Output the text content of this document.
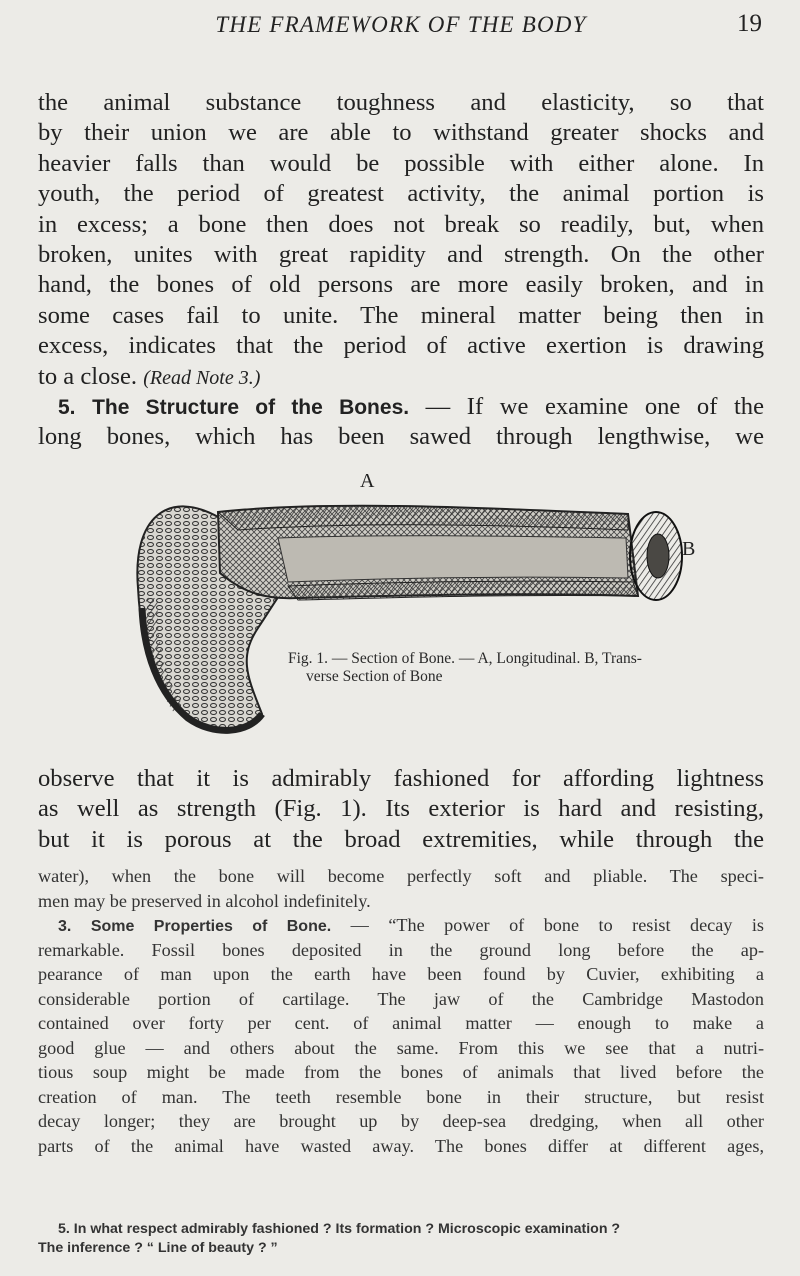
THE FRAMEWORK OF THE BODY	19
the animal substance toughness and elasticity, so that
by their union we are able to withstand greater shocks and
heavier falls than would be possible with either alone. In
youth, the period of greatest activity, the animal portion is
in excess; a bone then does not break so readily, but, when
broken, unites with great rapidity and strength. On the other
hand, the bones of old persons are more easily broken, and in
some cases fail to unite. The mineral matter being then in
excess, indicates that the period of active exertion is drawing
to a close. (Read Note 3.)
5. The Structure of the Bones. — If we examine one of the
long bones, which has been sawed through lengthwise, we
A
B
Fig. 1. — Section of Bone. — A, Longitudinal. B, Trans-
verse Section of Bone
observe that it is admirably fashioned for affording lightness
as well as strength (Fig. 1). Its exterior is hard and resisting,
but it is porous at the broad extremities, while through the
water), when the bone will become perfectly soft and pliable. The speci-
men may be preserved in alcohol indefinitely.
3. Some Properties of Bone. — “The power of bone to resist decay is
remarkable. Fossil bones deposited in the ground long before the ap-
pearance of man upon the earth have been found by Cuvier, exhibiting a
considerable portion of cartilage. The jaw of the Cambridge Mastodon
contained over forty per cent. of animal matter — enough to make a
good glue — and others about the same. From this we see that a nutri-
tious soup might be made from the bones of animals that lived before the
creation of man. The teeth resemble bone in their structure, but resist
decay longer; they are brought up by deep-sea dredging, when all other
parts of the animal have wasted away. The bones differ at different ages,
5. In what respect admirably fashioned ? Its formation ? Microscopic examination ?
The inference ? “ Line of beauty ? ”
